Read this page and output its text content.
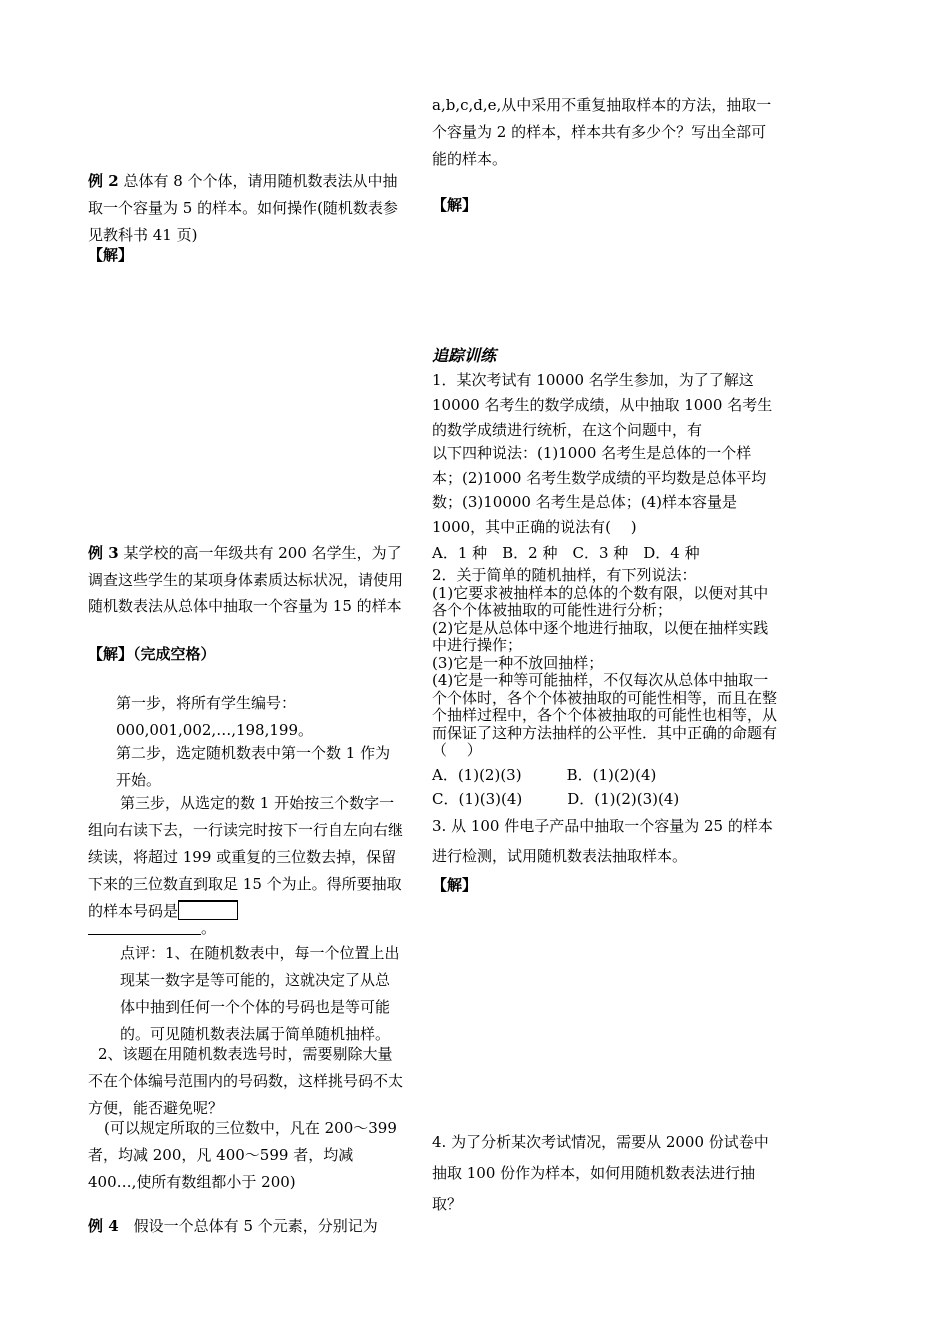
例 2 总体有 8 个个体，请用随机数表法从中抽取一个容量为 5 的样本。如何操作(随机数表参见教科书 41 页)

【解】

例 3 某学校的高一年级共有 200 名学生，为了调查这些学生的某项身体素质达标状况，请使用随机数表法从总体中抽取一个容量为 15 的样本

【解】（完成空格）

第一步，将所有学生编号：000,001,002,…,198,199。

第二步，选定随机数表中第一个数 1 作为开始。

第三步，从选定的数 1 开始按三个数字一组向右读下去，一行读完时按下一行自左向右继续读，将超过 199 或重复的三位数去掉，保留下来的三位数直到取足 15 个为止。得所要抽取的样本号码是

。

点评：1、在随机数表中，每一个位置上出现某一数字是等可能的，这就决定了从总体中抽到任何一个个体的号码也是等可能的。可见随机数表法属于简单随机抽样。

2、该题在用随机数表选号时，需要剔除大量不在个体编号范围内的号码数，这样挑号码不太方便，能否避免呢？

(可以规定所取的三位数中，凡在 200～399 者，均减 200，凡 400～599 者，均减 400…,使所有数组都小于 200)

例 4　假设一个总体有 5 个元素，分别记为

a,b,c,d,e,从中采用不重复抽取样本的方法，抽取一个容量为 2 的样本，样本共有多少个？写出全部可能的样本。

【解】

追踪训练

1．某次考试有 10000 名学生参加，为了了解这 10000 名考生的数学成绩，从中抽取 1000 名考生的数学成绩进行统析，在这个问题中，有

以下四种说法：(1)1000 名考生是总体的一个样本；(2)1000 名考生数学成绩的平均数是总体平均数；(3)10000 名考生是总体；(4)样本容量是 1000，其中正确的说法有(　 )

A．1 种　B．2 种　C．3 种　D．4 种

2．关于简单的随机抽样，有下列说法：
(1)它要求被抽样本的总体的个数有限，以便对其中各个个体被抽取的可能性进行分析；
(2)它是从总体中逐个地进行抽取，以便在抽样实践中进行操作；
(3)它是一种不放回抽样；
(4)它是一种等可能抽样，不仅每次从总体中抽取一个个体时，各个个体被抽取的可能性相等，而且在整个抽样过程中，各个个体被抽取的可能性也相等，从而保证了这种方法抽样的公平性．其中正确的命题有（　 ）

A．(1)(2)(3)　　　B．(1)(2)(4)

C．(1)(3)(4)　　　D．(1)(2)(3)(4)

3. 从 100 件电子产品中抽取一个容量为 25 的样本进行检测，试用随机数表法抽取样本。

【解】

4. 为了分析某次考试情况，需要从 2000 份试卷中抽取 100 份作为样本，如何用随机数表法进行抽取？
